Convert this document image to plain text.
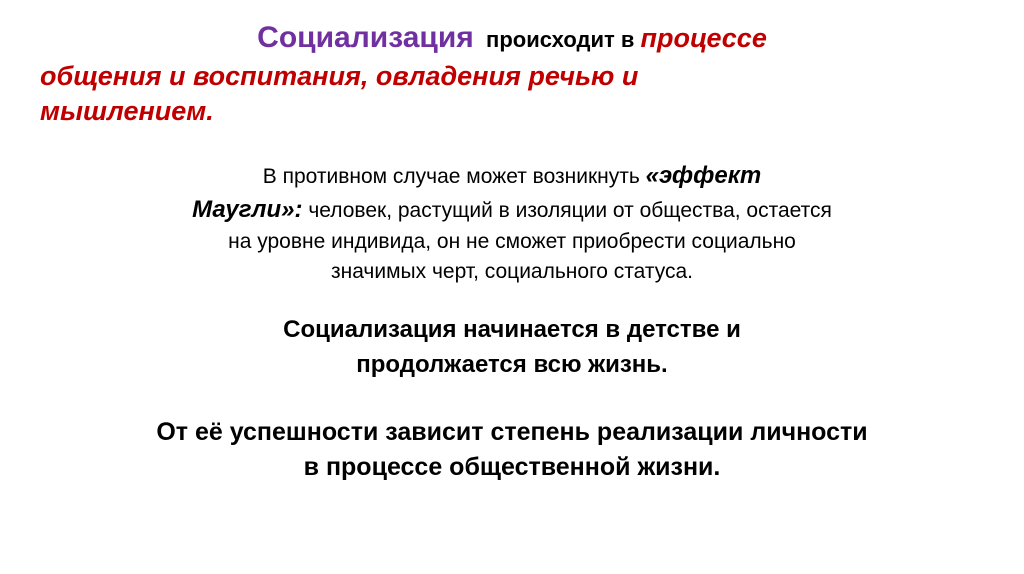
Социализация происходит в процессе
общения и воспитания, овладения речью и
мышлением.
В противном случае может возникнуть «эффект
Маугли»: человек, растущий в изоляции от общества, остается
на уровне индивида, он не сможет приобрести социально
значимых черт, социального статуса.
Социализация начинается в детстве и
продолжается всю жизнь.
От её успешности зависит степень реализации личности
в процессе общественной жизни.
